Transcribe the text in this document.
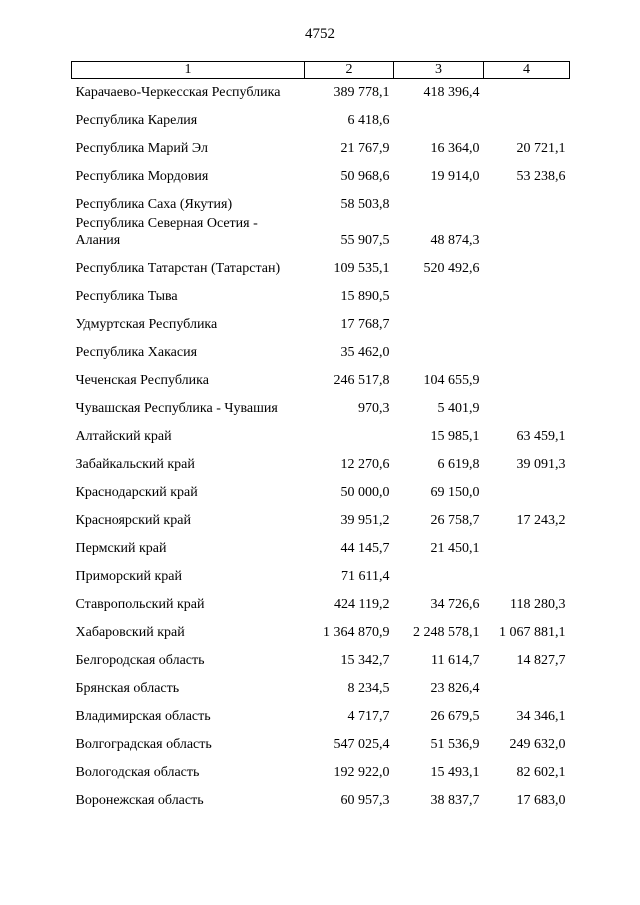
4752
1	2	3	4
Карачаево-Черкесская Республика	389 778,1	418 396,4	
Республика Карелия	6 418,6		
Республика Марий Эл	21 767,9	16 364,0	20 721,1
Республика Мордовия	50 968,6	19 914,0	53 238,6
Республика Саха (Якутия)	58 503,8		
Республика Северная Осетия - Алания	55 907,5	48 874,3	
Республика Татарстан (Татарстан)	109 535,1	520 492,6	
Республика Тыва	15 890,5		
Удмуртская Республика	17 768,7		
Республика Хакасия	35 462,0		
Чеченская Республика	246 517,8	104 655,9	
Чувашская Республика - Чувашия	970,3	5 401,9	
Алтайский край		15 985,1	63 459,1
Забайкальский край	12 270,6	6 619,8	39 091,3
Краснодарский край	50 000,0	69 150,0	
Красноярский край	39 951,2	26 758,7	17 243,2
Пермский край	44 145,7	21 450,1	
Приморский край	71 611,4		
Ставропольский край	424 119,2	34 726,6	118 280,3
Хабаровский край	1 364 870,9	2 248 578,1	1 067 881,1
Белгородская область	15 342,7	11 614,7	14 827,7
Брянская область	8 234,5	23 826,4	
Владимирская область	4 717,7	26 679,5	34 346,1
Волгоградская область	547 025,4	51 536,9	249 632,0
Вологодская область	192 922,0	15 493,1	82 602,1
Воронежская область	60 957,3	38 837,7	17 683,0
